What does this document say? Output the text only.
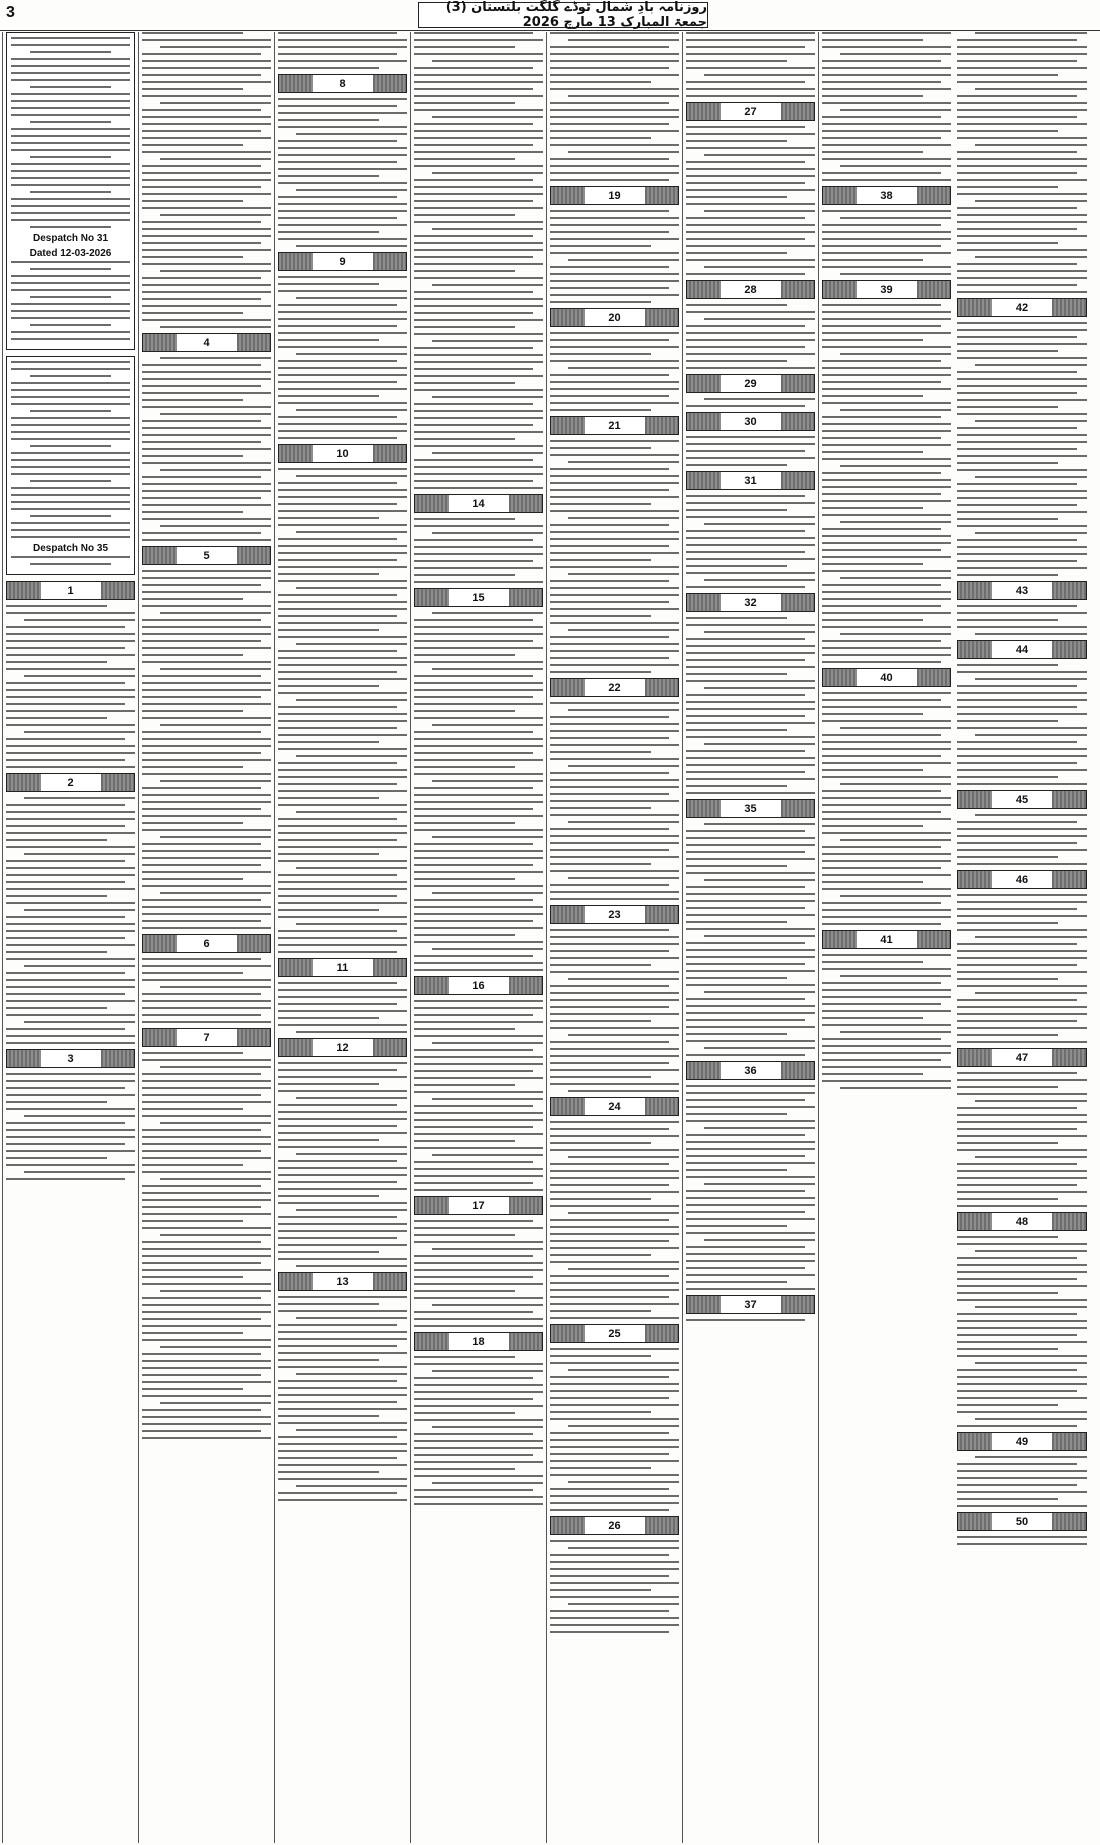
3	روزنامہ بادِ شمال ٹوڈے گلگت بلتستان (3) جمعۃ المبارک 13 مارچ 2026
Despatch No 31
Dated 12-03-2026
Despatch No 35
1
2
3
4
5
6
7
8
9
10
11
12
13
14
15
16
17
18
19
20
21
22
23
24
25
26
27
28
29
30
31
32
35
36
37
38
39
40
41
42
43
44
45
46
47
48
49
50
